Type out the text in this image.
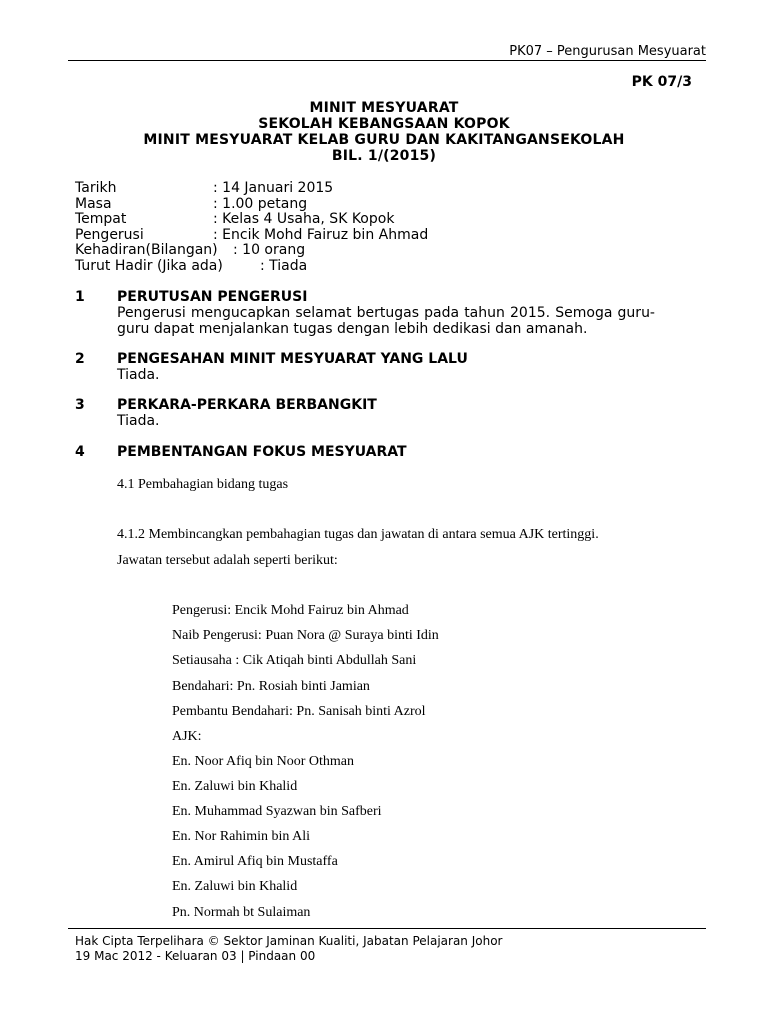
PK07 – Pengurusan Mesyuarat
PK 07/3
MINIT MESYUARAT
SEKOLAH KEBANGSAAN KOPOK
MINIT MESYUARAT KELAB GURU DAN KAKITANGANSEKOLAH
BIL. 1/(2015)
Tarikh	: 14 Januari 2015
Masa	: 1.00 petang
Tempat	: Kelas 4 Usaha, SK Kopok
Pengerusi	: Encik Mohd Fairuz bin Ahmad
Kehadiran(Bilangan) : 10 orang
Turut Hadir (Jika ada)	: Tiada
1 PERUTUSAN PENGERUSI
Pengerusi mengucapkan selamat bertugas pada tahun 2015. Semoga guru-guru dapat menjalankan tugas dengan lebih dedikasi dan amanah.
2 PENGESAHAN MINIT MESYUARAT YANG LALU
Tiada.
3 PERKARA-PERKARA BERBANGKIT
Tiada.
4 PEMBENTANGAN FOKUS MESYUARAT
4.1 Pembahagian bidang tugas
4.1.2 Membincangkan pembahagian tugas dan jawatan di antara semua AJK tertinggi.
Jawatan tersebut adalah seperti berikut:
Pengerusi: Encik Mohd Fairuz bin Ahmad
Naib Pengerusi: Puan Nora @ Suraya binti Idin
Setiausaha : Cik Atiqah binti Abdullah Sani
Bendahari: Pn. Rosiah binti Jamian
Pembantu Bendahari: Pn. Sanisah binti Azrol
AJK:
En. Noor Afiq bin Noor Othman
En. Zaluwi bin Khalid
En. Muhammad Syazwan bin Safberi
En. Nor Rahimin bin Ali
En. Amirul Afiq bin Mustaffa
En. Zaluwi bin Khalid
Pn. Normah bt Sulaiman
Hak Cipta Terpelihara © Sektor Jaminan Kualiti, Jabatan Pelajaran Johor
19 Mac 2012 - Keluaran 03 | Pindaan 00
